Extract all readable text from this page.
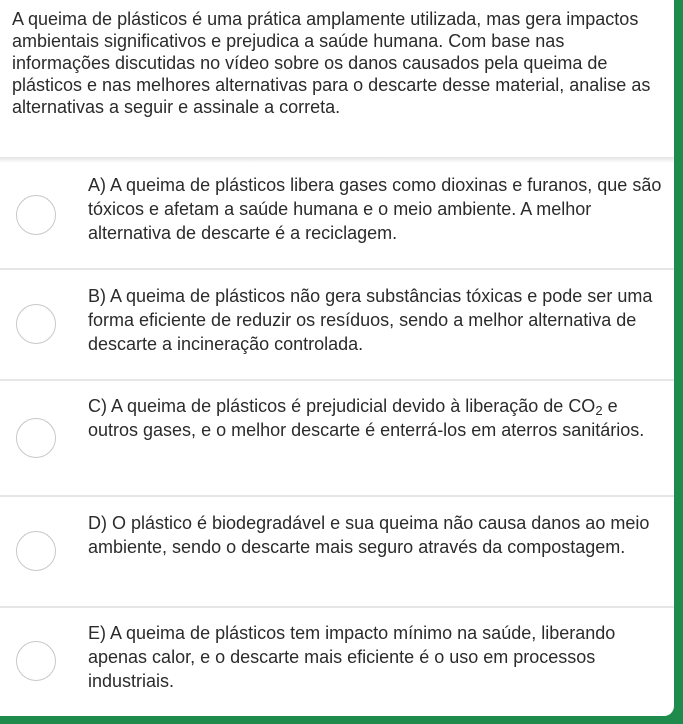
A queima de plásticos é uma prática amplamente utilizada, mas gera impactos ambientais significativos e prejudica a saúde humana. Com base nas informações discutidas no vídeo sobre os danos causados pela queima de plásticos e nas melhores alternativas para o descarte desse material, analise as alternativas a seguir e assinale a correta.
A) A queima de plásticos libera gases como dioxinas e furanos, que são tóxicos e afetam a saúde humana e o meio ambiente. A melhor alternativa de descarte é a reciclagem.
B) A queima de plásticos não gera substâncias tóxicas e pode ser uma forma eficiente de reduzir os resíduos, sendo a melhor alternativa de descarte a incineração controlada.
C) A queima de plásticos é prejudicial devido à liberação de $CO_2$ e outros gases, e o melhor descarte é enterrá-los em aterros sanitários.
D) O plástico é biodegradável e sua queima não causa danos ao meio ambiente, sendo o descarte mais seguro através da compostagem.
E) A queima de plásticos tem impacto mínimo na saúde, liberando apenas calor, e o descarte mais eficiente é o uso em processos industriais.
